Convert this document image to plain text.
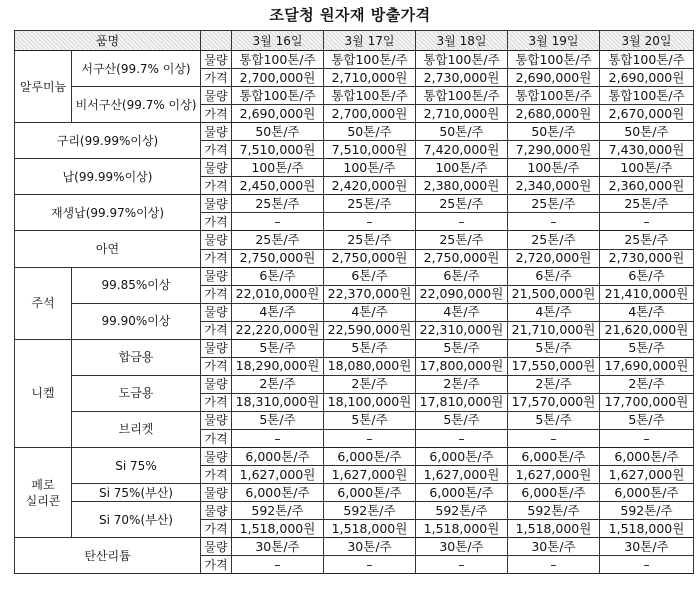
조달청 원자재 방출가격
품명			3월 16일	3월 17일	3월 18일	3월 19일	3월 20일
알루미늄	서구산(99.7% 이상)	물량	통합100톤/주	통합100톤/주	통합100톤/주	통합100톤/주	통합100톤/주
		가격	2,700,000원	2,710,000원	2,730,000원	2,690,000원	2,690,000원
	비서구산(99.7% 이상)	물량	통합100톤/주	통합100톤/주	통합100톤/주	통합100톤/주	통합100톤/주
		가격	2,690,000원	2,700,000원	2,710,000원	2,680,000원	2,670,000원
구리(99.99%이상)		물량	50톤/주	50톤/주	50톤/주	50톤/주	50톤/주
		가격	7,510,000원	7,510,000원	7,420,000원	7,290,000원	7,430,000원
납(99.99%이상)		물량	100톤/주	100톤/주	100톤/주	100톤/주	100톤/주
		가격	2,450,000원	2,420,000원	2,380,000원	2,340,000원	2,360,000원
재생납(99.97%이상)		물량	25톤/주	25톤/주	25톤/주	25톤/주	25톤/주
		가격	–	–	–	–	–
아연		물량	25톤/주	25톤/주	25톤/주	25톤/주	25톤/주
		가격	2,750,000원	2,750,000원	2,750,000원	2,720,000원	2,730,000원
주석	99.85%이상	물량	6톤/주	6톤/주	6톤/주	6톤/주	6톤/주
		가격	22,010,000원	22,370,000원	22,090,000원	21,500,000원	21,410,000원
	99.90%이상	물량	4톤/주	4톤/주	4톤/주	4톤/주	4톤/주
		가격	22,220,000원	22,590,000원	22,310,000원	21,710,000원	21,620,000원
니켈	합금용	물량	5톤/주	5톤/주	5톤/주	5톤/주	5톤/주
		가격	18,290,000원	18,080,000원	17,800,000원	17,550,000원	17,690,000원
	도금용	물량	2톤/주	2톤/주	2톤/주	2톤/주	2톤/주
		가격	18,310,000원	18,100,000원	17,810,000원	17,570,000원	17,700,000원
	브리켓	물량	5톤/주	5톤/주	5톤/주	5톤/주	5톤/주
		가격	–	–	–	–	–
페로
실리콘	Si 75%	물량	6,000톤/주	6,000톤/주	6,000톤/주	6,000톤/주	6,000톤/주
		가격	1,627,000원	1,627,000원	1,627,000원	1,627,000원	1,627,000원
	Si 75%(부산)	물량	6,000톤/주	6,000톤/주	6,000톤/주	6,000톤/주	6,000톤/주
	Si 70%(부산)	물량	592톤/주	592톤/주	592톤/주	592톤/주	592톤/주
		가격	1,518,000원	1,518,000원	1,518,000원	1,518,000원	1,518,000원
탄산리튬		물량	30톤/주	30톤/주	30톤/주	30톤/주	30톤/주
		가격	–	–	–	–	–
